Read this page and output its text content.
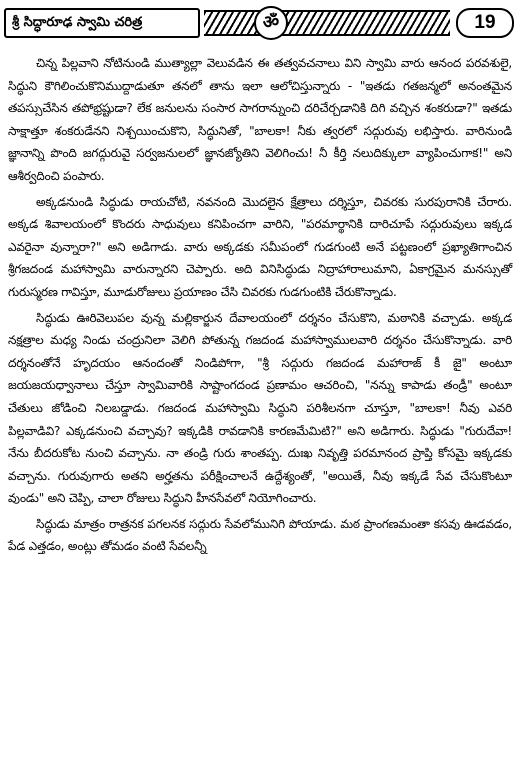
శ్రీ సిద్ధారూఢ స్వామి చరిత్ర	ॐ	19

చిన్న పిల్లవాని నోటినుండి ముత్యాల్లా వెలువడిన ఈ తత్వవచనాలు విని స్వామి వారు ఆనంద పరవశులై, సిద్ధుని కౌగిలించుకొనిముద్దాడుతూ తనలో తాను ఇలా ఆలోచిస్తున్నారు - "ఇతడు గతజన్మలో అనంతమైన తపస్సుచేసిన తపోభ్రష్టుడా? లేక జనులను సంసార సాగరాన్నుంచి దరిచేర్చడానికి దిగి వచ్చిన శంకరుడా?" ఇతడు సాక్షాత్తూ శంకరుడేనని నిశ్చయించుకొని, సిద్ధునితో, "బాలకా! నీకు త్వరలో సద్గురువు లభిస్తారు. వారినుండి జ్ఞానాన్ని పొంది జగద్గురువై సర్వజనులలో జ్ఞానజ్యోతిని వెలిగించు! నీ కీర్తి నలుదిక్కులా వ్యాపించుగాక!" అని ఆశీర్వదించి పంపారు.

అక్కడనుండి సిద్ధుడు రాయచోటి, నవనంది మొదలైన క్షేత్రాలు దర్శిస్తూ, చివరకు సురపురానికి చేరారు. అక్కడ శివాలయంలో కొందరు సాధువులు కనిపించగా వారిని, "పరమార్థానికి దారిచూపే సద్గురువులు ఇక్కడ ఎవరైనా వున్నారా?" అని అడిగాడు. వారు అక్కడకు సమీపంలో గుడగుంటి అనే పట్టణంలో ప్రఖ్యాతిగాంచిన శ్రీగజదండ మహాస్వామి వారున్నారని చెప్పారు. అది వినిసిద్ధుడు నిద్రాహారాలుమాని, ఏకాగ్రమైన మనస్సుతో గురుస్మరణ గావిస్తూ, మూడురోజులు ప్రయాణం చేసి చివరకు గుడగుంటికి చేరుకొన్నాడు.

సిద్ధుడు ఊరివెలుపల వున్న మల్లికార్జున దేవాలయంలో దర్శనం చేసుకొని, మఠానికి వచ్చాడు. అక్కడ నక్షత్రాల మధ్య నిండు చంద్రునిలా వెలిగి పోతున్న గజదండ మహాస్వాములవారి దర్శనం చేసుకొన్నాడు. వారి దర్శనంతోనే హృదయం ఆనందంతో నిండిపోగా, "శ్రీ సద్గురు గజదండ మహారాజ్ కీ జై" అంటూ జయజయధ్వానాలు చేస్తూ స్వామివారికి సాష్టాంగదండ ప్రణామం ఆచరించి, "నన్ను కాపాడు తండ్రీ" అంటూ చేతులు జోడించి నిలబడ్డాడు. గజదండ మహాస్వామి సిద్ధుని పరిశీలనగా చూస్తూ, "బాలకా! నీవు ఎవరి పిల్లవాడివి? ఎక్కడనుంచి వచ్చావు? ఇక్కడికి రావడానికి కారణమేమిటి?" అని అడిగారు. సిద్ధుడు "గురుదేవా! నేను బీదరుకోట నుంచి వచ్చాను. నా తండ్రి గురు శాంతప్ప. దుఃఖ నివృత్తి పరమానంద ప్రాప్తి కోసమై ఇక్కడకు వచ్చాను. గురువుగారు అతని అర్హతను పరీక్షించాలనే ఉద్దేశ్యంతో, "అయితే, నీవు ఇక్కడే సేవ చేసుకొంటూ వుండు" అని చెప్పి, చాలా రోజులు సిద్ధుని హీనసేవలో నియోగించారు.

సిద్ధుడు మాత్రం రాత్రనక పగలనక సద్గురు సేవలోమునిగి పోయాడు. మఠ ప్రాంగణమంతా కసవు ఊడవడం, పేడ ఎత్తడం, అంట్లు తోమడం వంటి సేవలన్నీ
